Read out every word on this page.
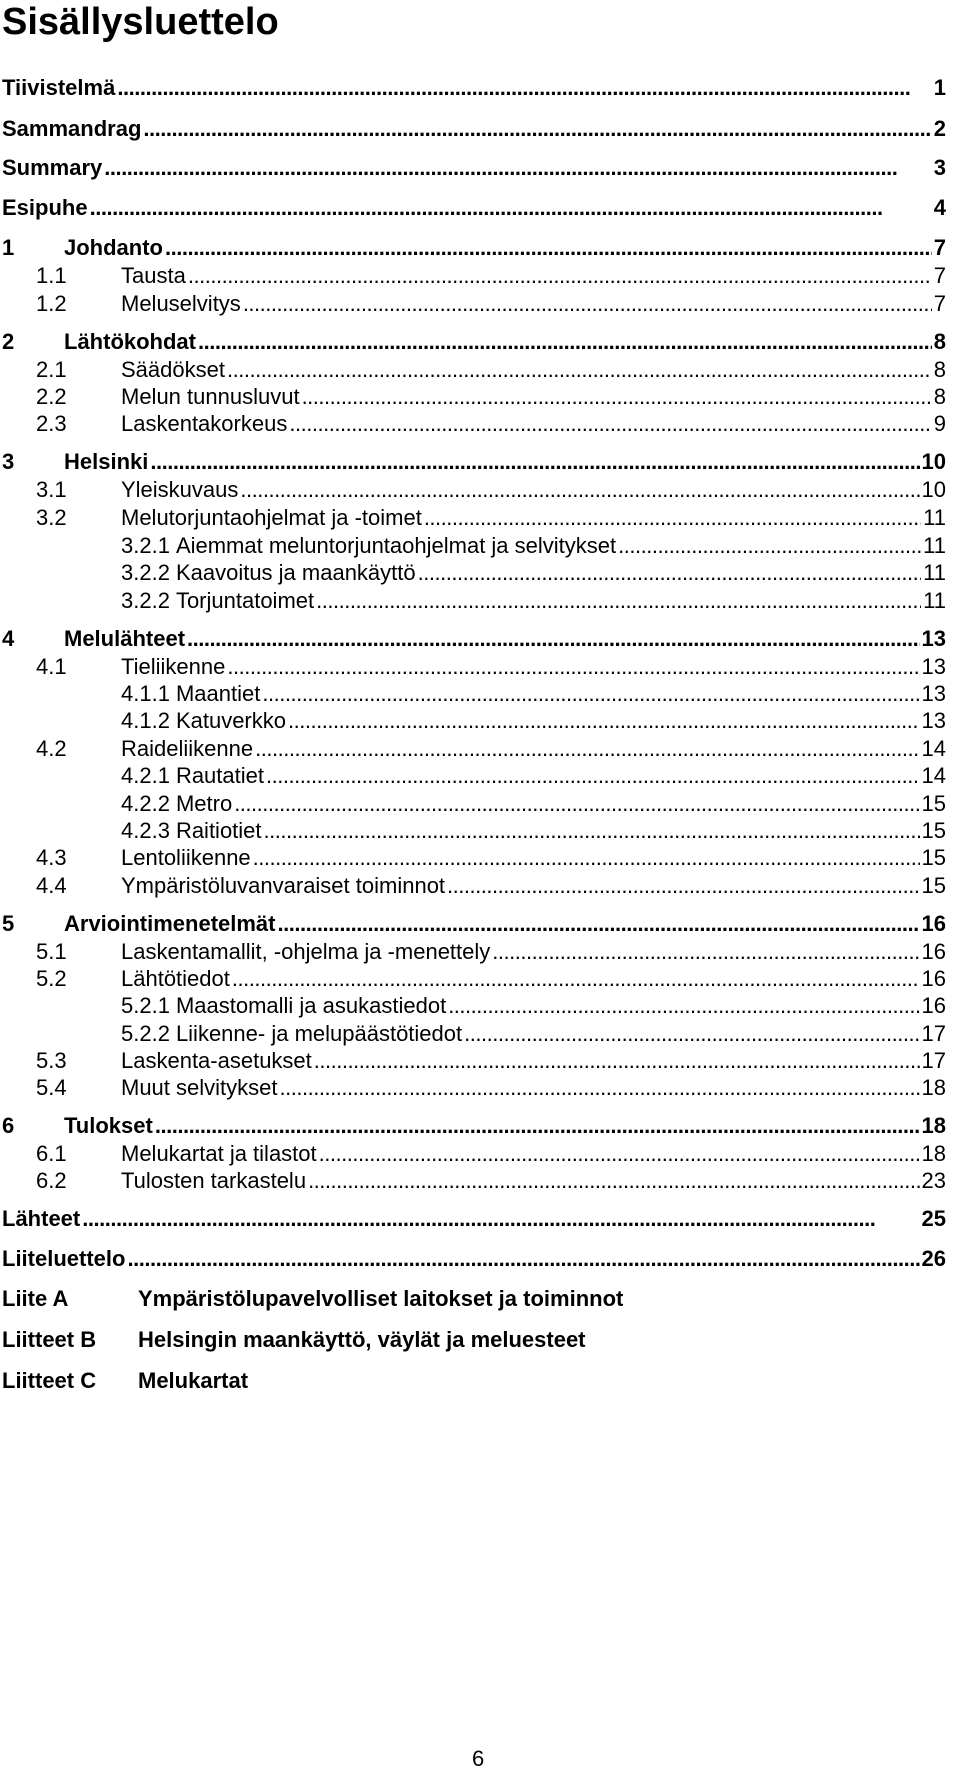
Sisällysluettelo
Tiivistelmä . . .	1
Sammandrag . . .	2
Summary . . .	3
Esipuhe . . .	4
1	Johdanto . . .	7
1.1	Tausta . . .	7
1.2	Meluselvitys . . .	7
2	Lähtökohdat . . .	8
2.1	Säädökset . . .	8
2.2	Melun tunnusluvut . . .	8
2.3	Laskentakorkeus . . .	9
3	Helsinki . . .	10
3.1	Yleiskuvaus . . .	10
3.2	Melutorjuntaohjelmat ja -toimet . . .	11
3.2.1 Aiemmat meluntorjuntaohjelmat ja selvitykset . . .	11
3.2.2 Kaavoitus ja maankäyttö . . .	11
3.2.2 Torjuntatoimet . . .	11
4	Melulähteet . . .	13
4.1	Tieliikenne . . .	13
4.1.1 Maantiet . . .	13
4.1.2 Katuverkko . . .	13
4.2	Raideliikenne . . .	14
4.2.1 Rautatiet . . .	14
4.2.2 Metro . . .	15
4.2.3 Raitiotiet . . .	15
4.3	Lentoliikenne . . .	15
4.4	Ympäristöluvanvaraiset toiminnot . . .	15
5	Arviointimenetelmät . . .	16
5.1	Laskentamallit, -ohjelma ja -menettely . . .	16
5.2	Lähtötiedot . . .	16
5.2.1 Maastomalli ja asukastiedot . . .	16
5.2.2 Liikenne- ja melupäästötiedot . . .	17
5.3	Laskenta-asetukset . . .	17
5.4	Muut selvitykset . . .	18
6	Tulokset . . .	18
6.1	Melukartat ja tilastot . . .	18
6.2	Tulosten tarkastelu . . .	23
Lähteet . . .	25
Liiteluettelo . . .	26
Liite A	Ympäristölupavelvolliset laitokset ja toiminnot
Liitteet B	Helsingin maankäyttö, väylät ja meluesteet
Liitteet C	Melukartat
6
